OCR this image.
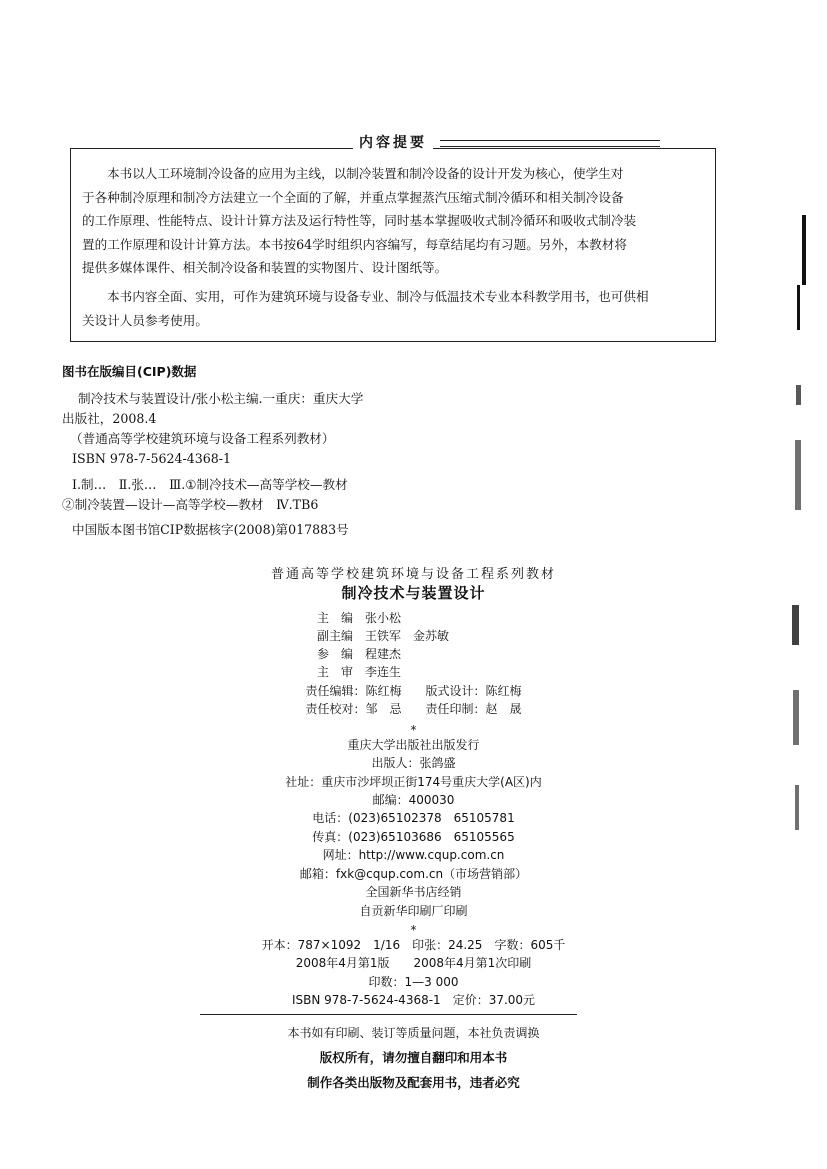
内容提要
本书以人工环境制冷设备的应用为主线，以制冷装置和制冷设备的设计开发为核心，使学生对
于各种制冷原理和制冷方法建立一个全面的了解，并重点掌握蒸汽压缩式制冷循环和相关制冷设备
的工作原理、性能特点、设计计算方法及运行特性等，同时基本掌握吸收式制冷循环和吸收式制冷装
置的工作原理和设计计算方法。本书按64学时组织内容编写，每章结尾均有习题。另外，本教材将
提供多媒体课件、相关制冷设备和装置的实物图片、设计图纸等。
本书内容全面、实用，可作为建筑环境与设备专业、制冷与低温技术专业本科教学用书，也可供相
关设计人员参考使用。
图书在版编目(CIP)数据
制冷技术与装置设计/张小松主编.一重庆：重庆大学
出版社，2008.4
（普通高等学校建筑环境与设备工程系列教材）
ISBN 978-7-5624-4368-1
Ⅰ.制…　Ⅱ.张…　Ⅲ.①制冷技术—高等学校—教材
②制冷装置—设计—高等学校—教材　Ⅳ.TB6
中国版本图书馆CIP数据核字(2008)第017883号
普通高等学校建筑环境与设备工程系列教材
制冷技术与装置设计
主　编　张小松
副主编　王铁军　金苏敏
参　编　程建杰
主　审　李连生
责任编辑：陈红梅　　版式设计：陈红梅
责任校对：邹　忌　　责任印制：赵　晟
*
重庆大学出版社出版发行
出版人：张鸽盛
社址：重庆市沙坪坝正街174号重庆大学(A区)内
邮编：400030
电话：(023)65102378　65105781
传真：(023)65103686　65105565
网址：http://www.cqup.com.cn
邮箱：fxk@cqup.com.cn（市场营销部）
全国新华书店经销
自贡新华印刷厂印刷
*
开本：787×1092　1/16　印张：24.25　字数：605千
2008年4月第1版　　2008年4月第1次印刷
印数：1—3 000
ISBN 978-7-5624-4368-1　定价：37.00元
本书如有印刷、装订等质量问题，本社负责调换
版权所有，请勿擅自翻印和用本书
制作各类出版物及配套用书，违者必究
